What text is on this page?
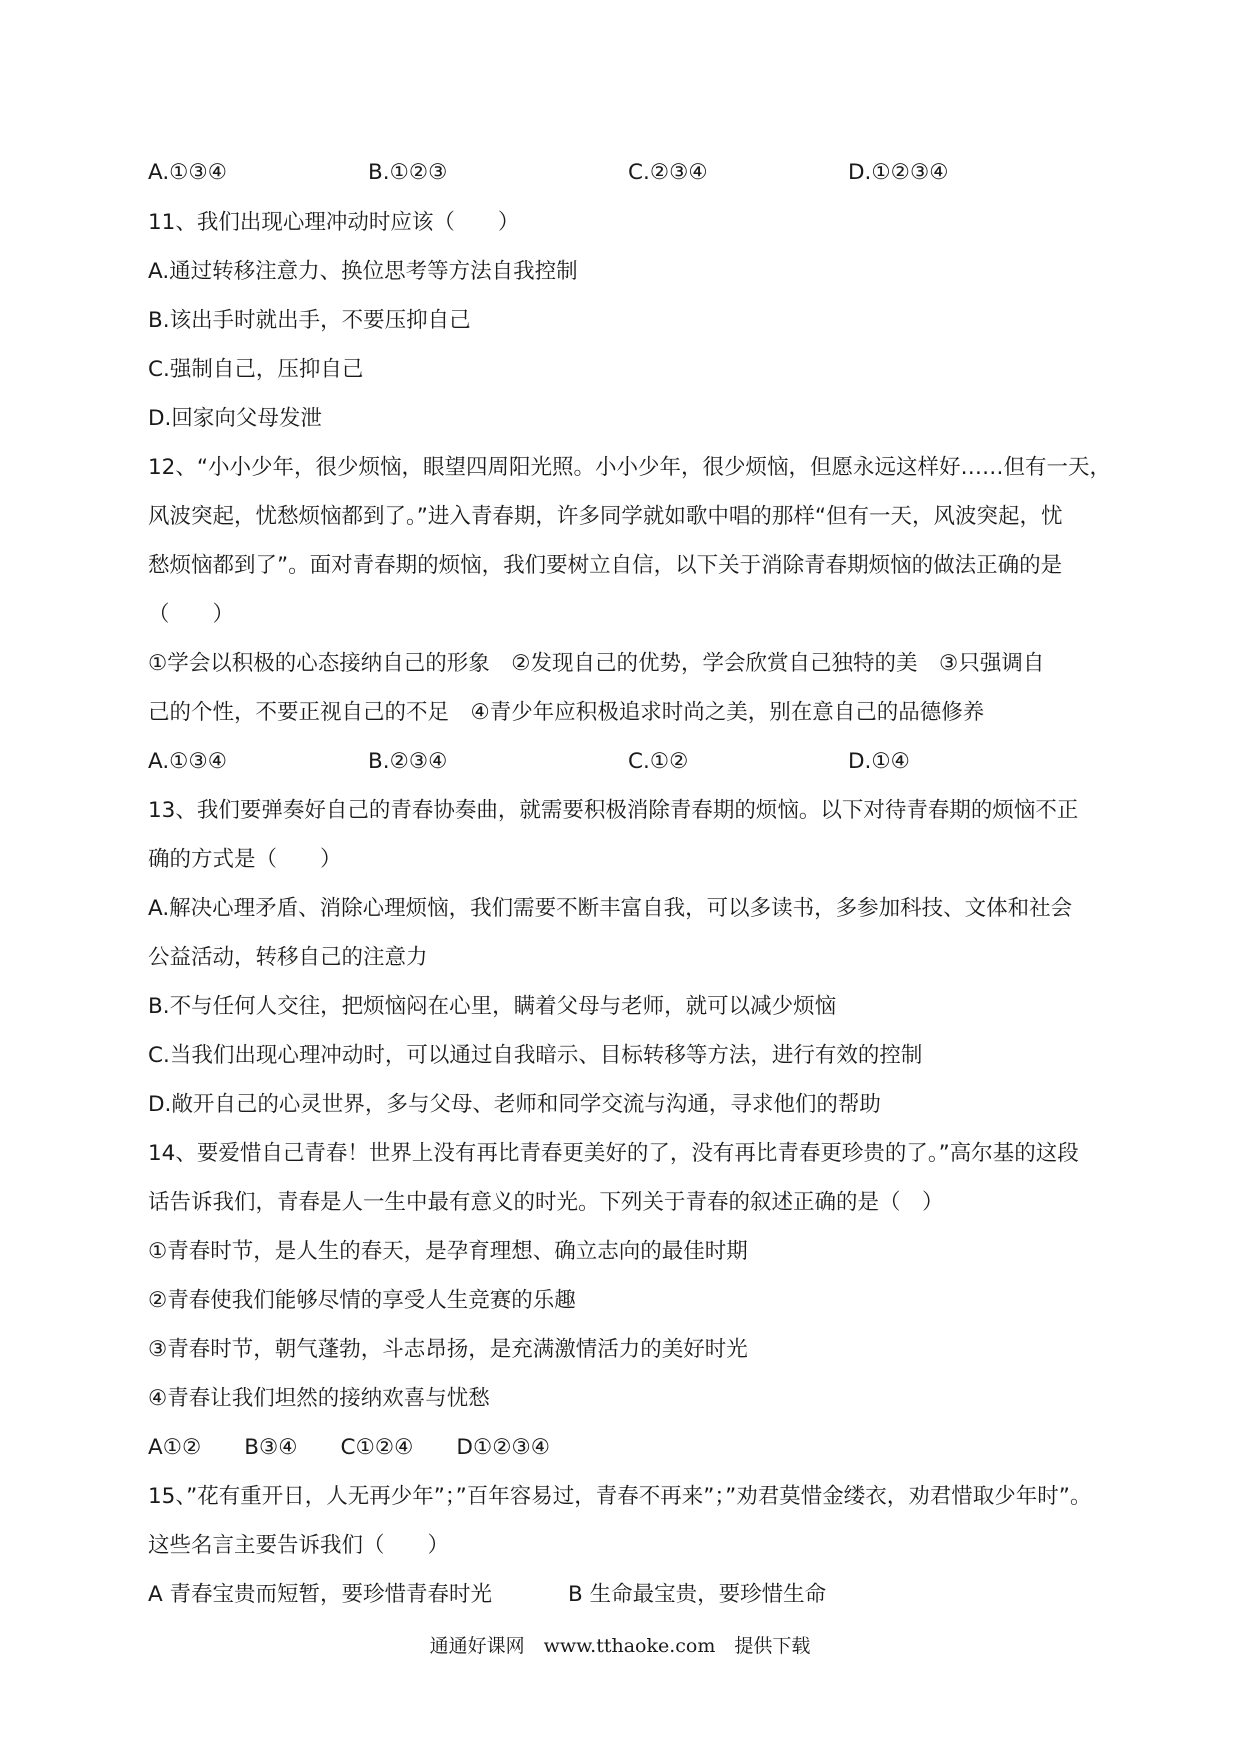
A.①③④	B.①②③	C.②③④	D.①②③④
11、我们出现心理冲动时应该（　　）
A.通过转移注意力、换位思考等方法自我控制
B.该出手时就出手，不要压抑自己
C.强制自己，压抑自己
D.回家向父母发泄
12、“小小少年，很少烦恼，眼望四周阳光照。小小少年，很少烦恼，但愿永远这样好……但有一天，
风波突起，忧愁烦恼都到了。”进入青春期，许多同学就如歌中唱的那样“但有一天，风波突起，忧
愁烦恼都到了”。面对青春期的烦恼，我们要树立自信，以下关于消除青春期烦恼的做法正确的是
（　　）
①学会以积极的心态接纳自己的形象　②发现自己的优势，学会欣赏自己独特的美　③只强调自
己的个性，不要正视自己的不足　④青少年应积极追求时尚之美，别在意自己的品德修养
A.①③④	B.②③④	C.①②	D.①④
13、我们要弹奏好自己的青春协奏曲，就需要积极消除青春期的烦恼。以下对待青春期的烦恼不正
确的方式是（　　）
A.解决心理矛盾、消除心理烦恼，我们需要不断丰富自我，可以多读书，多参加科技、文体和社会
公益活动，转移自己的注意力
B.不与任何人交往，把烦恼闷在心里，瞒着父母与老师，就可以减少烦恼
C.当我们出现心理冲动时，可以通过自我暗示、目标转移等方法，进行有效的控制
D.敞开自己的心灵世界，多与父母、老师和同学交流与沟通，寻求他们的帮助
14、要爱惜自己青春！世界上没有再比青春更美好的了，没有再比青春更珍贵的了。”高尔基的这段
话告诉我们，青春是人一生中最有意义的时光。下列关于青春的叙述正确的是（　）
①青春时节，是人生的春天，是孕育理想、确立志向的最佳时期
②青春使我们能够尽情的享受人生竞赛的乐趣
③青春时节，朝气蓬勃，斗志昂扬，是充满激情活力的美好时光
④青春让我们坦然的接纳欢喜与忧愁
A①②　　B③④　　C①②④　　D①②③④
15、”花有重开日，人无再少年”；”百年容易过，青春不再来”；”劝君莫惜金缕衣，劝君惜取少年时”。
这些名言主要告诉我们（　　）
A 青春宝贵而短暂，要珍惜青春时光	B 生命最宝贵，要珍惜生命
通通好课网　www.tthaoke.com　提供下载
